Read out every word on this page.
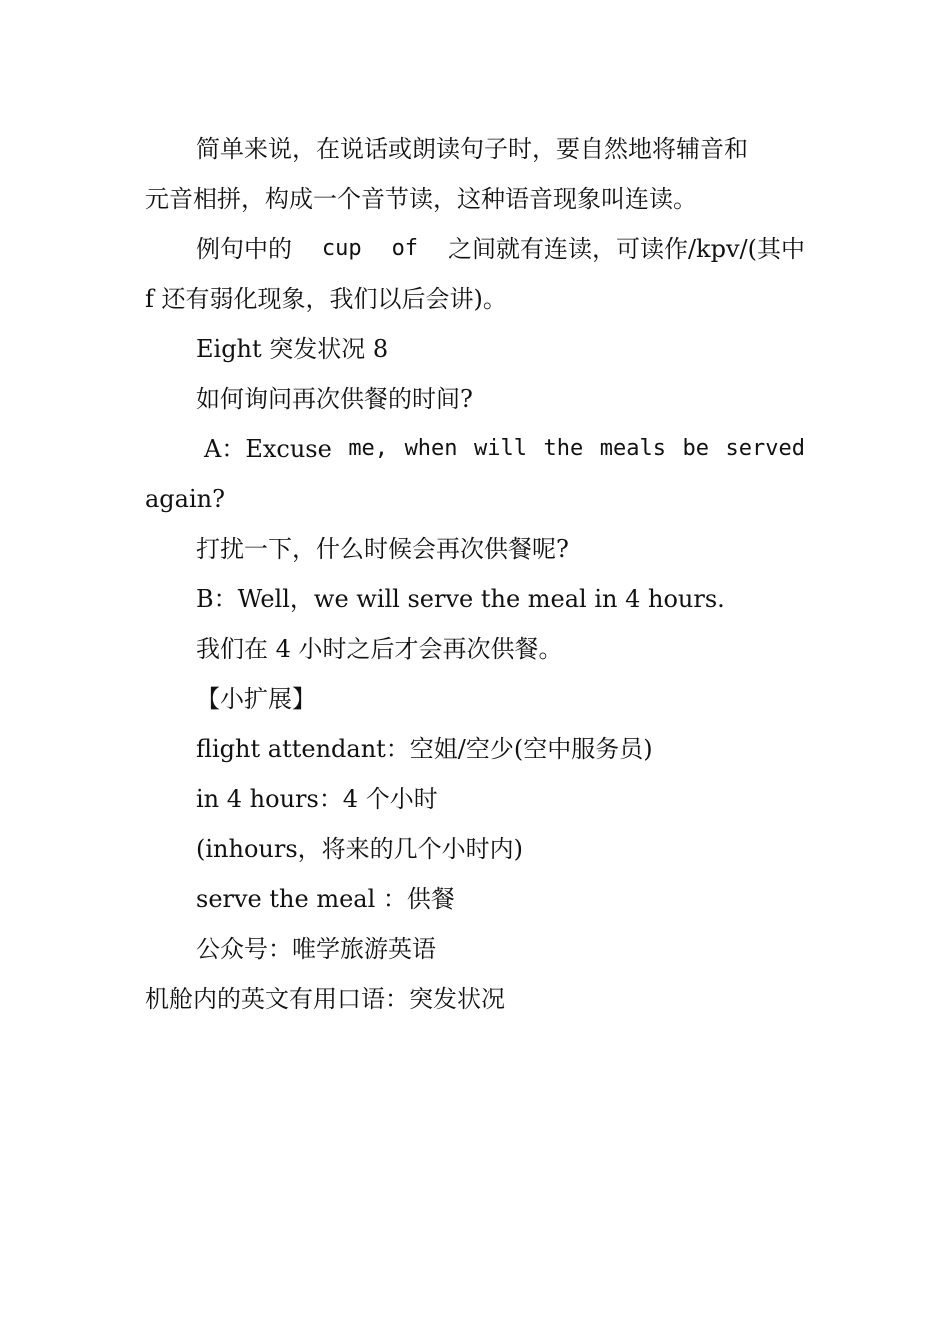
简单来说，在说话或朗读句子时，要自然地将辅音和
元音相拼，构成一个音节读，这种语音现象叫连读。
例句中的 cup of 之间就有连读，可读作/kpv/(其中
f 还有弱化现象，我们以后会讲)。
Eight 突发状况 8
如何询问再次供餐的时间?
A：Excuse me, when will the meals be served
again?
打扰一下，什么时候会再次供餐呢?
B：Well，we will serve the meal in 4 hours.
我们在 4 小时之后才会再次供餐。
【小扩展】
flight attendant：空姐/空少(空中服务员)
in 4 hours：4 个小时
(inhours，将来的几个小时内)
serve the meal ：供餐
公众号：唯学旅游英语
机舱内的英文有用口语：突发状况
